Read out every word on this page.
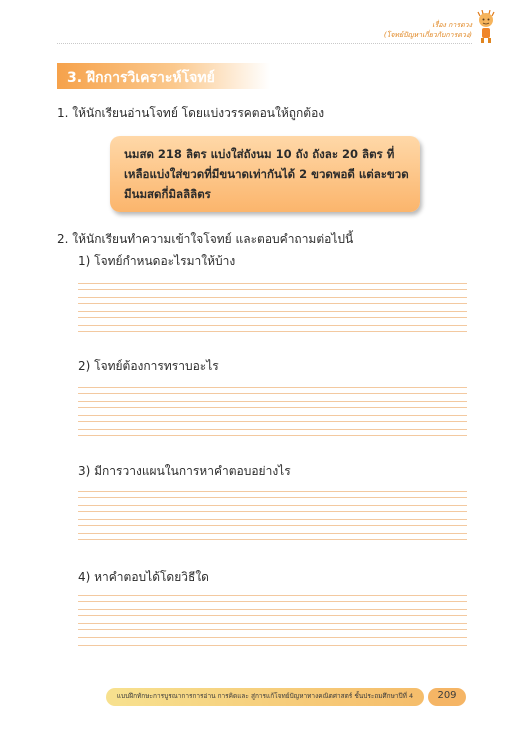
เรื่อง การตวง
(โจทย์ปัญหาเกี่ยวกับการตวง)
3. ฝึกการวิเคราะห์โจทย์
1. ให้นักเรียนอ่านโจทย์ โดยแบ่งวรรคตอนให้ถูกต้อง
นมสด 218 ลิตร แบ่งใส่ถังนม 10 ถัง ถังละ 20 ลิตร ที่เหลือแบ่งใส่ขวดที่มีขนาดเท่ากันได้ 2 ขวดพอดี แต่ละขวดมีนมสดกี่มิลลิลิตร
2. ให้นักเรียนทำความเข้าใจโจทย์ และตอบคำถามต่อไปนี้
1) โจทย์กำหนดอะไรมาให้บ้าง
2) โจทย์ต้องการทราบอะไร
3) มีการวางแผนในการหาคำตอบอย่างไร
4) หาคำตอบได้โดยวิธีใด
แบบฝึกทักษะการบูรณาการการอ่าน การคิดและ สู่การแก้โจทย์ปัญหาทางคณิตศาสตร์ ชั้นประถมศึกษาปีที่ 4	209
